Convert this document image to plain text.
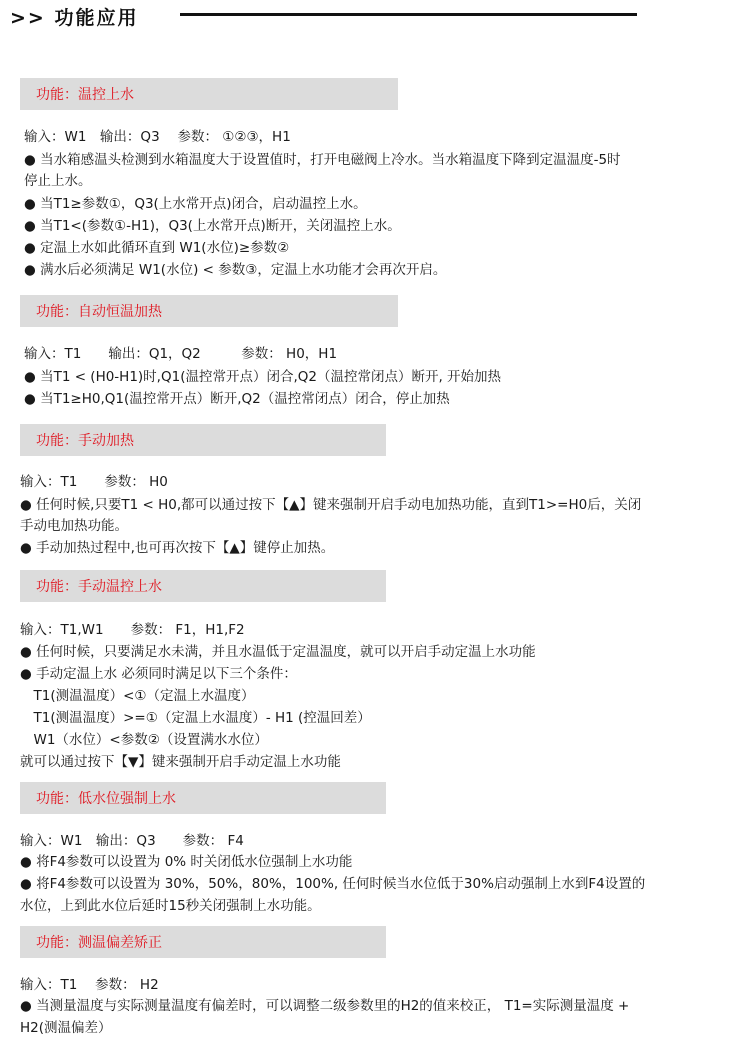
>> 功能应用
功能：温控上水
输入：W1　输出：Q3　 参数： ①②③，H1
● 当水箱感温头检测到水箱温度大于设置值时，打开电磁阀上冷水。当水箱温度下降到定温温度-5时
停止上水。
● 当T1≥参数①，Q3(上水常开点)闭合，启动温控上水。
● 当T1<(参数①-H1)，Q3(上水常开点)断开，关闭温控上水。
● 定温上水如此循环直到 W1(水位)≥参数②
● 满水后必须满足 W1(水位) < 参数③，定温上水功能才会再次开启。
功能：自动恒温加热
输入：T1　　输出：Q1，Q2　　　参数： H0，H1
● 当T1 < (H0-H1)时,Q1(温控常开点）闭合,Q2（温控常闭点）断开, 开始加热
● 当T1≥H0,Q1(温控常开点）断开,Q2（温控常闭点）闭合，停止加热
功能：手动加热
输入：T1　　参数： H0
● 任何时候,只要T1 < H0,都可以通过按下【▲】键来强制开启手动电加热功能，直到T1>=H0后，关闭
手动电加热功能。
● 手动加热过程中,也可再次按下【▲】键停止加热。
功能：手动温控上水
输入：T1,W1　　参数： F1，H1,F2
● 任何时候，只要满足水未满，并且水温低于定温温度，就可以开启手动定温上水功能
● 手动定温上水 必须同时满足以下三个条件：
　T1(测温温度）<①（定温上水温度）
　T1(测温温度）>=①（定温上水温度）- H1 (控温回差）
　W1（水位）<参数②（设置满水水位）
就可以通过按下【▼】键来强制开启手动定温上水功能
功能：低水位强制上水
输入：W1　输出：Q3　　参数： F4
● 将F4参数可以设置为 0% 时关闭低水位强制上水功能
● 将F4参数可以设置为 30%，50%，80%，100%, 任何时候当水位低于30%启动强制上水到F4设置的
水位，上到此水位后延时15秒关闭强制上水功能。
功能：测温偏差矫正
输入：T1　 参数： H2
● 当测量温度与实际测量温度有偏差时，可以调整二级参数里的H2的值来校正， T1=实际测量温度 +
H2(测温偏差）
